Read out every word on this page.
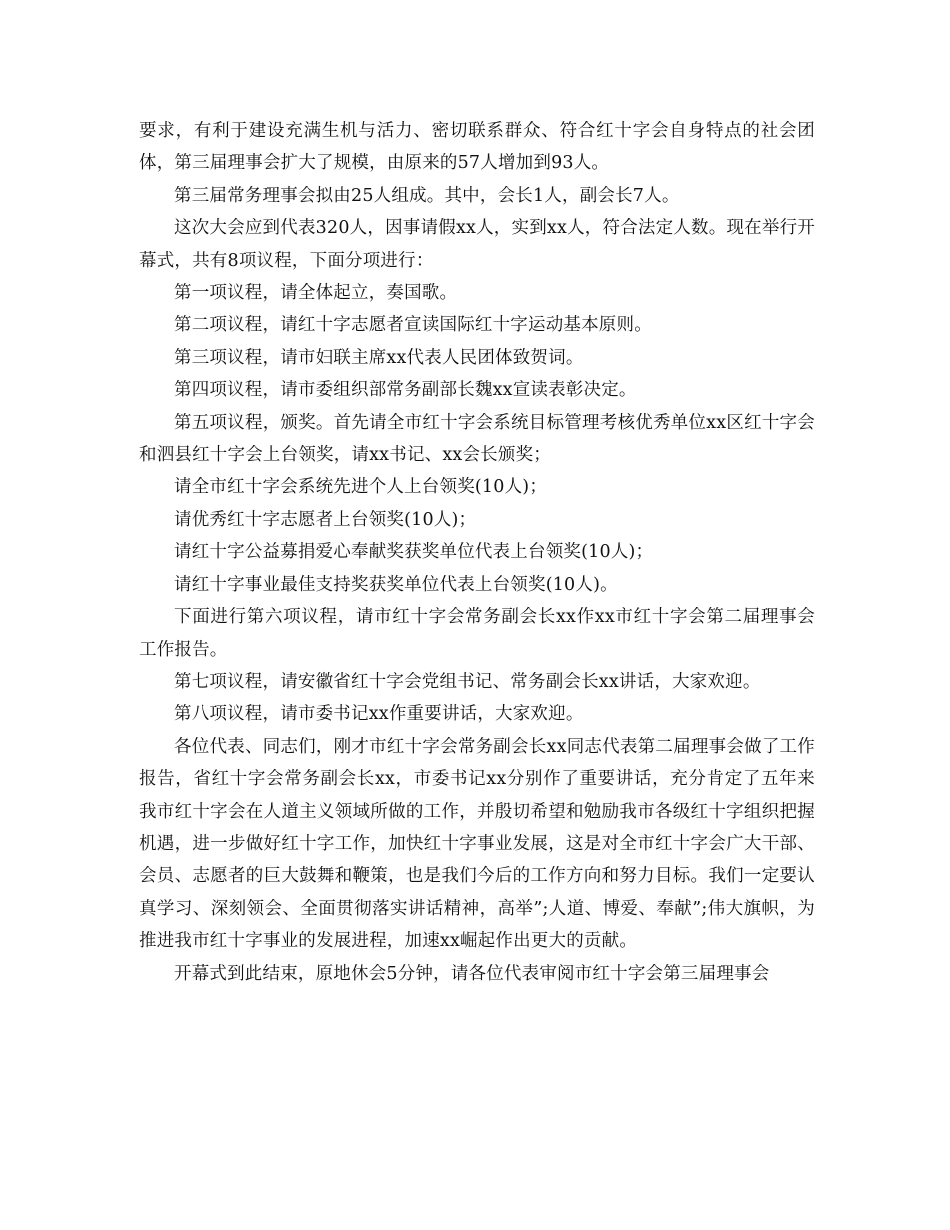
要求，有利于建设充满生机与活力、密切联系群众、符合红十字会自身特点的社会团体，第三届理事会扩大了规模，由原来的57人增加到93人。

第三届常务理事会拟由25人组成。其中，会长1人，副会长7人。

这次大会应到代表320人，因事请假xx人，实到xx人，符合法定人数。现在举行开幕式，共有8项议程，下面分项进行：

第一项议程，请全体起立，奏国歌。

第二项议程，请红十字志愿者宣读国际红十字运动基本原则。

第三项议程，请市妇联主席xx代表人民团体致贺词。

第四项议程，请市委组织部常务副部长魏xx宣读表彰决定。

第五项议程，颁奖。首先请全市红十字会系统目标管理考核优秀单位xx区红十字会和泗县红十字会上台领奖，请xx书记、xx会长颁奖；

请全市红十字会系统先进个人上台领奖(10人)；

请优秀红十字志愿者上台领奖(10人)；

请红十字公益募捐爱心奉献奖获奖单位代表上台领奖(10人)；

请红十字事业最佳支持奖获奖单位代表上台领奖(10人)。

下面进行第六项议程，请市红十字会常务副会长xx作xx市红十字会第二届理事会工作报告。

第七项议程，请安徽省红十字会党组书记、常务副会长xx讲话，大家欢迎。

第八项议程，请市委书记xx作重要讲话，大家欢迎。

各位代表、同志们，刚才市红十字会常务副会长xx同志代表第二届理事会做了工作报告，省红十字会常务副会长xx，市委书记xx分别作了重要讲话，充分肯定了五年来我市红十字会在人道主义领域所做的工作，并殷切希望和勉励我市各级红十字组织把握机遇，进一步做好红十字工作，加快红十字事业发展，这是对全市红十字会广大干部、会员、志愿者的巨大鼓舞和鞭策，也是我们今后的工作方向和努力目标。我们一定要认真学习、深刻领会、全面贯彻落实讲话精神，高举”;人道、博爱、奉献”;伟大旗帜，为推进我市红十字事业的发展进程，加速xx崛起作出更大的贡献。

开幕式到此结束，原地休会5分钟，请各位代表审阅市红十字会第三届理事会
